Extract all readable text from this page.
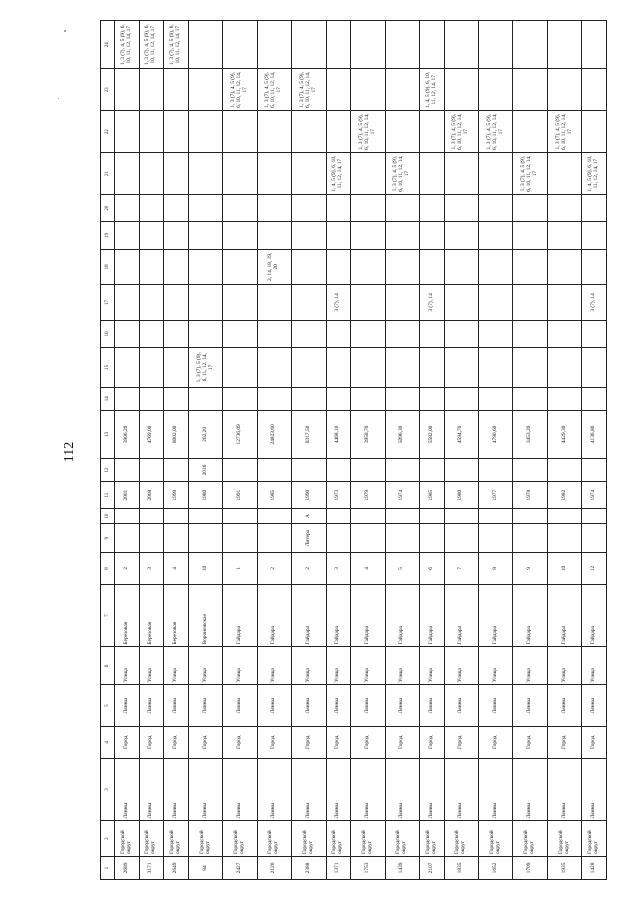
112
1	2	3	4	5	6	7	8	9	10	11	12	13	14	15	16	17	18	19	20	21	22	23	24
2689	Городской округ	Лянны	Город	Лянны	Улица	Березовая	2			2001		3906,20											1, 3 (7), 4, 5 (9), 6, 10, 11, 12, 14, 17
3171	Городской округ	Лянны	Город	Лянны	Улица	Березовая	3			2008		4769,00											1, 3 (7), 4, 5 (9), 6, 10, 11, 12, 14, 17
2649	Городской округ	Лянны	Город	Лянны	Улица	Березовая	4			1999		8002,00											1, 3 (7), 4, 5 (9), 6, 10, 11, 12, 14, 17
84	Городской округ	Лянны	Город	Лянны	Улица	Воронежская	10			1980	2016	202,20		1, 3 (7), 5 (9), 6, 11, 12, 14, 17									
2427	Городской округ	Лянны	Город	Лянны	Улица	Гайдара	1			1991		12736,09										1, 3 (7), 4, 5 (9), 6, 10, 11, 12, 14, 17	
2120	Городской округ	Лянны	Город	Лянны	Улица	Гайдара	2			1985		24823,60					2, 14, 18, 19, 20					1, 3 (7), 4, 5 (9), 6, 10, 11, 12, 14, 17	
2388	Городской округ	Лянны	Город	Лянны	Улица	Гайдара	2	Литера	А	1990		8317,50										1, 3 (7), 4, 5 (9), 6, 10, 11, 12, 14, 17	
1371	Городской округ	Лянны	Город	Лянны	Улица	Гайдара	3			1973		4468,10				3 (7), 14				1, 4, 5 (9), 6, 10, 11, 12, 14, 17			
1753	Городской округ	Лянны	Город	Лянны	Улица	Гайдара	4			1979		3958,70									1, 3 (7), 4, 5 (9), 6, 10, 11, 12, 14, 17		
1439	Городской округ	Лянны	Город	Лянны	Улица	Гайдара	5			1974		5096,30								1, 3 (7), 4, 5 (9), 6, 10, 11, 12, 14, 17			
2107	Городской округ	Лянны	Город	Лянны	Улица	Гайдара	6			1985		5582,00				3 (7), 14						1, 4, 5 (9), 6, 10, 11, 12, 14, 17	
1835	Городской округ	Лянны	Город	Лянны	Улица	Гайдара	7			1980		4594,70									1, 3 (7), 4, 5 (9), 6, 10, 11, 12, 14, 17		
1652	Городской округ	Лянны	Город	Лянны	Улица	Гайдара	8			1977		4790,60									1, 3 (7), 4, 5 (9), 6, 10, 11, 12, 14, 17		
1709	Городской округ	Лянны	Город	Лянны	Улица	Гайдара	9			1978		3453,20								1, 3 (7), 4, 5 (9), 6, 10, 11, 12, 14, 17			
1935	Городской округ	Лянны	Город	Лянны	Улица	Гайдара	10			1982		4429,30									1, 3 (7), 4, 5 (9), 6, 10, 11, 12, 14, 17		
1428	Городской округ	Лянны	Город	Лянны	Улица	Гайдара	12			1974		4136,80				3 (7), 14				1, 4, 5 (9), 6, 10, 11, 12, 14, 17			
